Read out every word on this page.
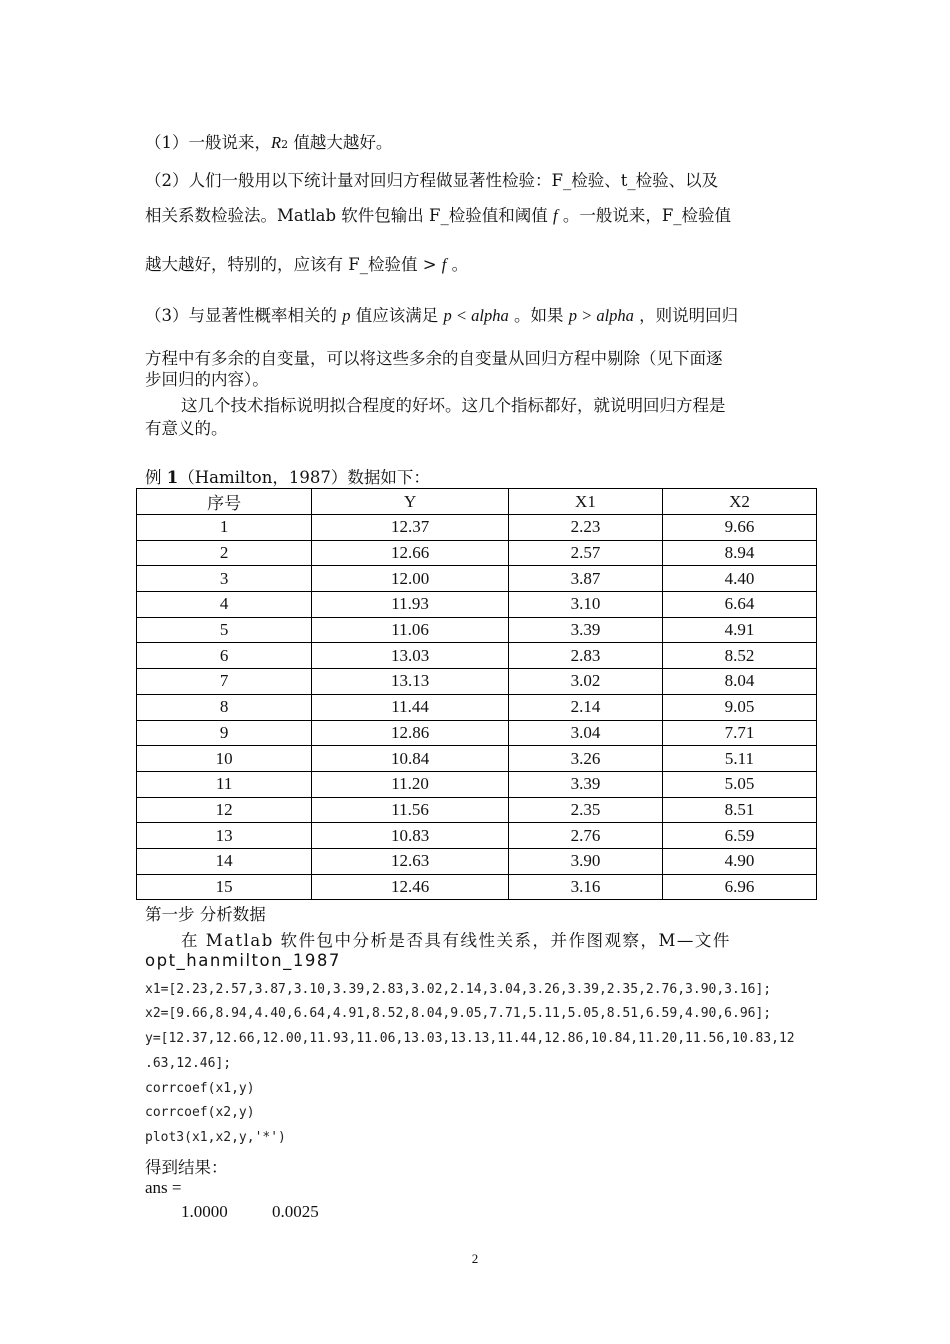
（1）一般说来，R2 值越大越好。
（2）人们一般用以下统计量对回归方程做显著性检验：F_检验、t_检验、以及
相关系数检验法。Matlab 软件包输出 F_检验值和阈值 f 。一般说来，F_检验值
越大越好，特别的，应该有 F_检验值 > f 。
（3）与显著性概率相关的 p 值应该满足 p < alpha 。如果 p > alpha ，则说明回归
方程中有多余的自变量，可以将这些多余的自变量从回归方程中剔除（见下面逐
步回归的内容）。
这几个技术指标说明拟合程度的好坏。这几个指标都好，就说明回归方程是
有意义的。
例 1（Hamilton，1987）数据如下：
序号	Y	X1	X2
1	12.37	2.23	9.66
2	12.66	2.57	8.94
3	12.00	3.87	4.40
4	11.93	3.10	6.64
5	11.06	3.39	4.91
6	13.03	2.83	8.52
7	13.13	3.02	8.04
8	11.44	2.14	9.05
9	12.86	3.04	7.71
10	10.84	3.26	5.11
11	11.20	3.39	5.05
12	11.56	2.35	8.51
13	10.83	2.76	6.59
14	12.63	3.90	4.90
15	12.46	3.16	6.96
第一步 分析数据
在 Matlab 软件包中分析是否具有线性关系，并作图观察，M—文件
opt_hanmilton_1987
x1=[2.23,2.57,3.87,3.10,3.39,2.83,3.02,2.14,3.04,3.26,3.39,2.35,2.76,3.90,3.16];
x2=[9.66,8.94,4.40,6.64,4.91,8.52,8.04,9.05,7.71,5.11,5.05,8.51,6.59,4.90,6.96];
y=[12.37,12.66,12.00,11.93,11.06,13.03,13.13,11.44,12.86,10.84,11.20,11.56,10.83,12
.63,12.46];
corrcoef(x1,y)
corrcoef(x2,y)
plot3(x1,x2,y,'*')
得到结果：
ans =
1.0000	0.0025
2
